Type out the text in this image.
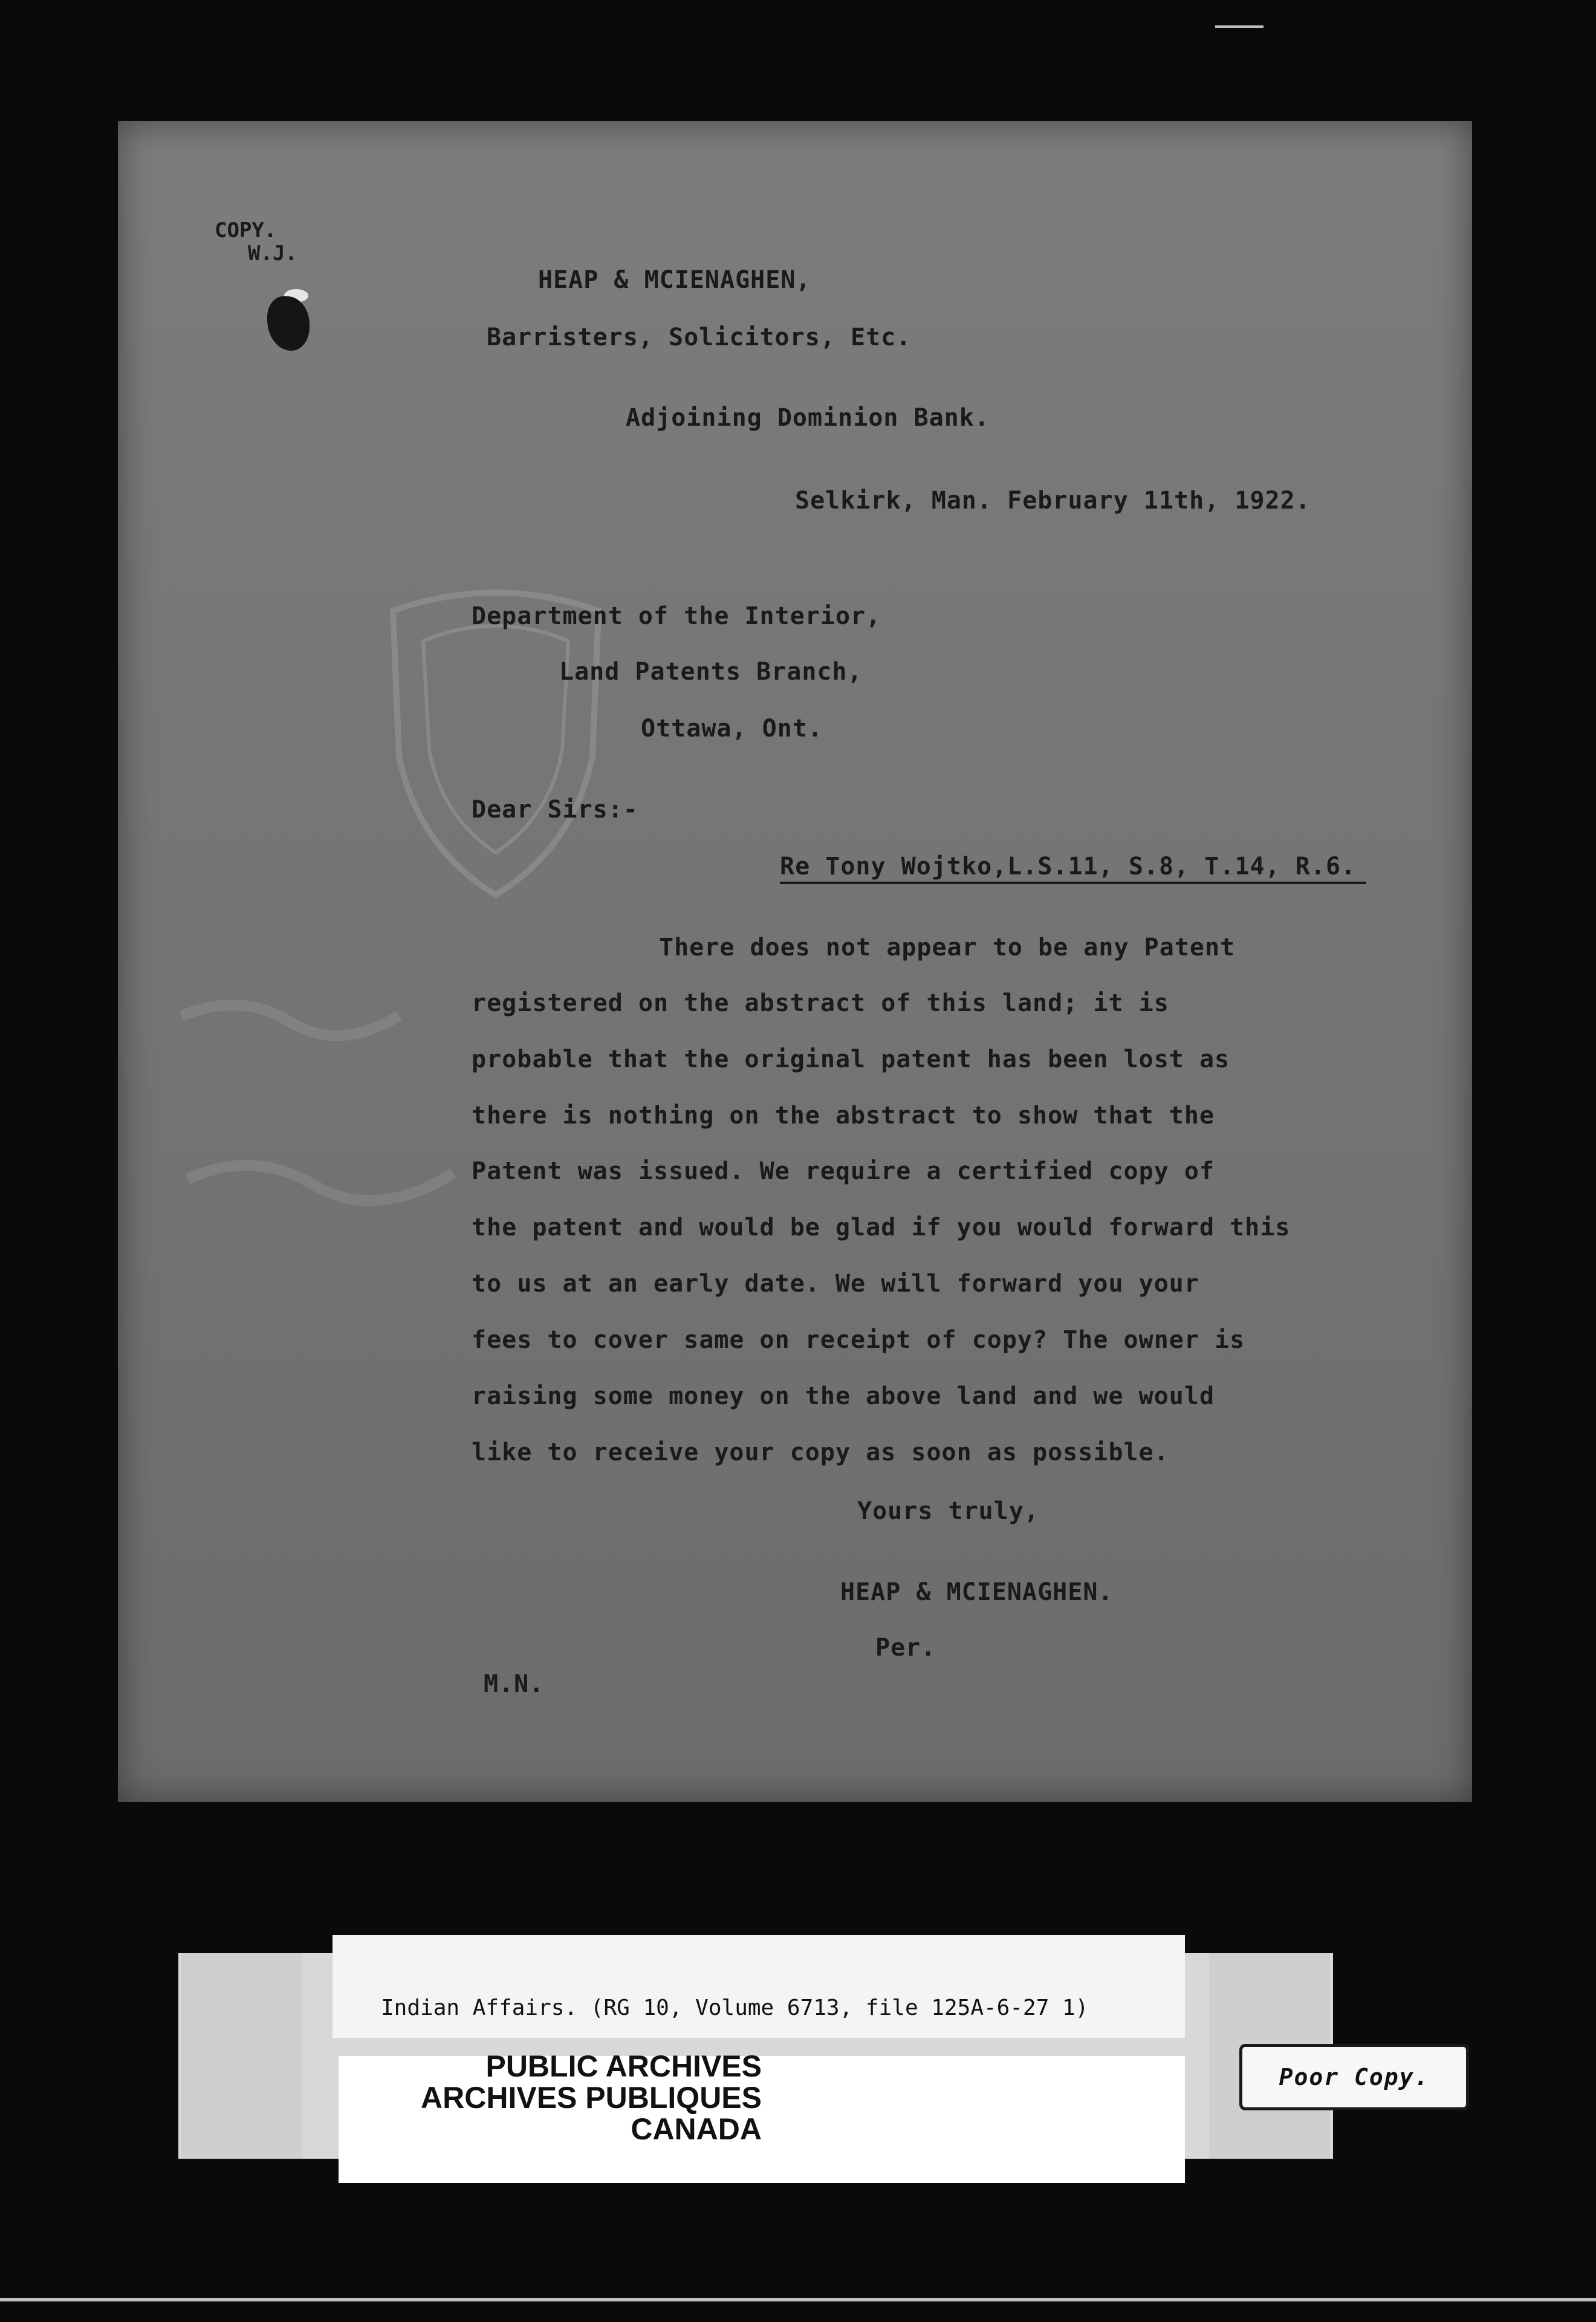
COPY.
W.J.
HEAP & MCIENAGHEN,
Barristers, Solicitors, Etc.
Adjoining Dominion Bank.
Selkirk, Man. February 11th, 1922.
Department of the Interior,
Land Patents Branch,
Ottawa, Ont.
Dear Sirs:-
Re Tony Wojtko,L.S.11, S.8, T.14, R.6.
There does not appear to be any Patent
registered on the abstract of this land; it is
probable that the original patent has been lost as
there is nothing on the abstract to show that the
Patent was issued. We require a certified copy of
the patent and would be glad if you would forward this
to us at an early date. We will forward you your
fees to cover same on receipt of copy? The owner is
raising some money on the above land and we would
like to receive your copy as soon as possible.
Yours truly,
HEAP & MCIENAGHEN.
Per.
M.N.
Indian Affairs. (RG 10, Volume 6713, file 125A-6-27 1)
PUBLIC ARCHIVES
ARCHIVES PUBLIQUES
CANADA
Poor Copy.
